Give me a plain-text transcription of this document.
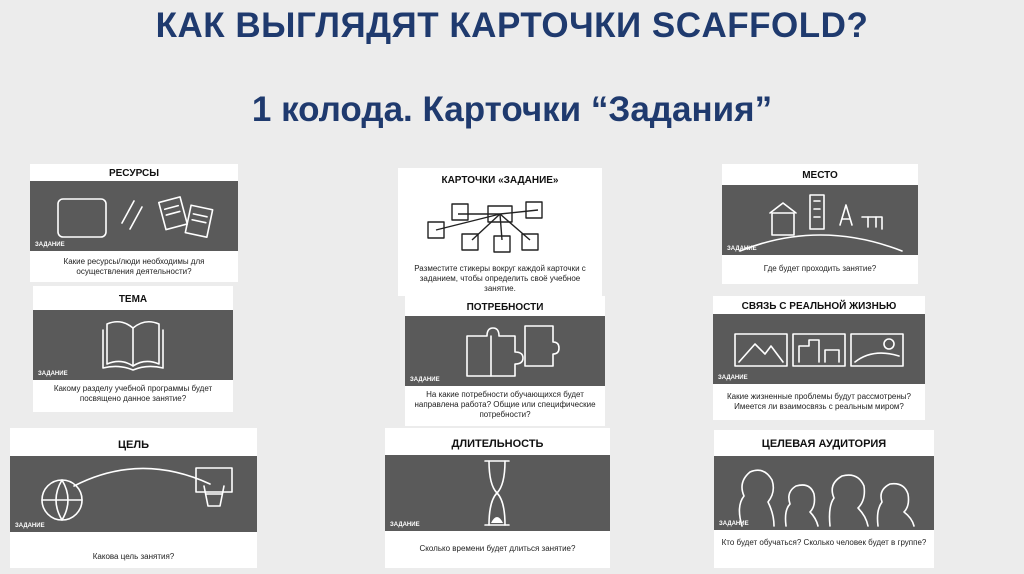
КАК ВЫГЛЯДЯТ КАРТОЧКИ SCAFFOLD?
1 колода. Карточки “Задания”
РЕСУРСЫ
ЗАДАНИЕ
Какие ресурсы/люди необходимы для осуществления деятельности?
КАРТОЧКИ «ЗАДАНИЕ»
Разместите стикеры вокруг каждой карточки с заданием, чтобы определить своё учебное занятие.
МЕСТО
ЗАДАНИЕ
Где будет проходить занятие?
ТЕМА
ЗАДАНИЕ
Какому разделу учебной программы будет посвящено данное занятие?
ПОТРЕБНОСТИ
ЗАДАНИЕ
На какие потребности обучающихся будет направлена работа? Общие или специфические потребности?
СВЯЗЬ С РЕАЛЬНОЙ ЖИЗНЬЮ
ЗАДАНИЕ
Какие жизненные проблемы будут рассмотрены? Имеется ли взаимосвязь с реальным миром?
ЦЕЛЬ
ЗАДАНИЕ
Какова цель занятия?
ДЛИТЕЛЬНОСТЬ
ЗАДАНИЕ
Сколько времени будет длиться занятие?
ЦЕЛЕВАЯ АУДИТОРИЯ
ЗАДАНИЕ
Кто будет обучаться? Сколько человек будет в группе?
